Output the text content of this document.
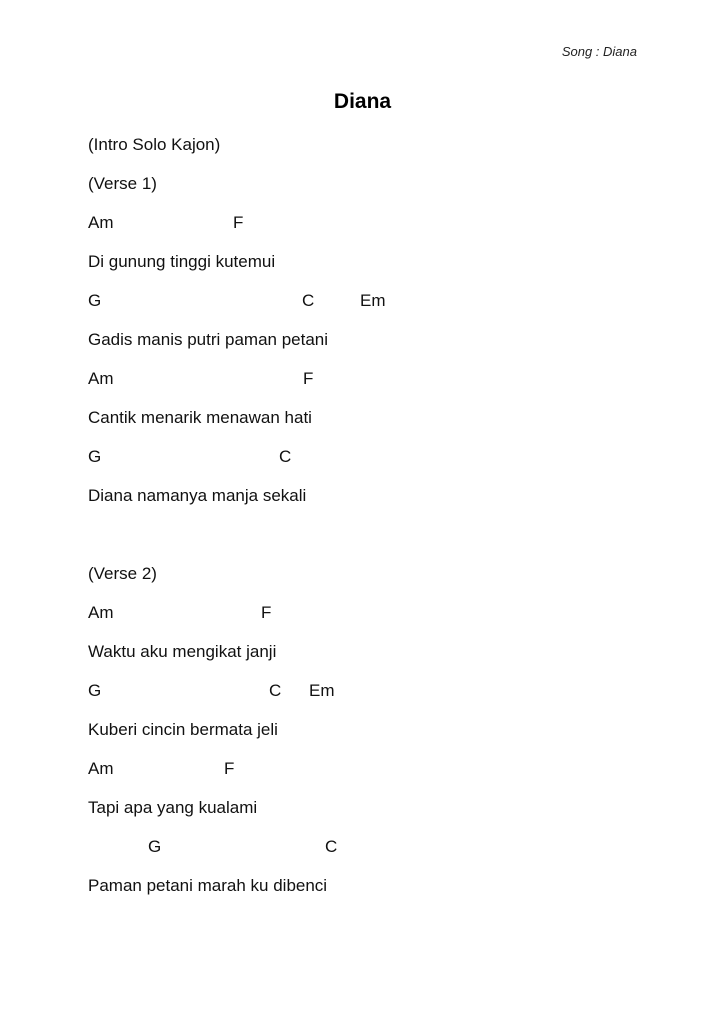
Song : Diana
Diana
(Intro Solo Kajon)
(Verse 1)
Am	F
Di gunung tinggi kutemui
G	C	Em
Gadis manis putri paman petani
Am	F
Cantik menarik menawan hati
G	C
Diana namanya manja sekali
(Verse 2)
Am	F
Waktu aku mengikat janji
G	C Em
Kuberi cincin bermata jeli
Am	F
Tapi apa yang kualami
G	C
Paman petani marah ku dibenci
